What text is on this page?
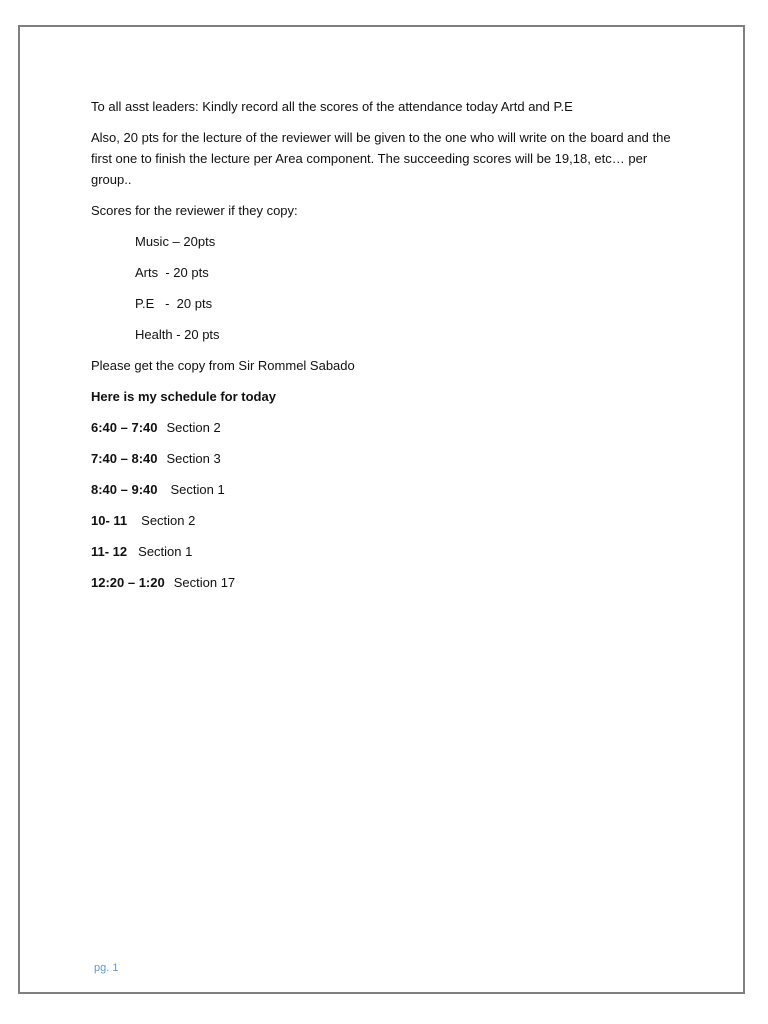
To all asst leaders: Kindly record all the scores of the attendance today Artd and P.E

Also, 20 pts for the lecture of the reviewer will be given to the one who will write on the board and the first one to finish the lecture per Area component. The succeeding scores will be 19,18, etc… per group..

Scores for the reviewer if they copy:

Music – 20pts

Arts  - 20 pts

P.E   -  20 pts

Health - 20 pts

Please get the copy from Sir Rommel Sabado

Here is my schedule for today

6:40 – 7:40 Section 2

7:40 – 8:40 Section 3

8:40 – 9:40 Section 1

10- 11 Section 2

11- 12 Section 1

12:20 – 1:20 Section 17

pg. 1
